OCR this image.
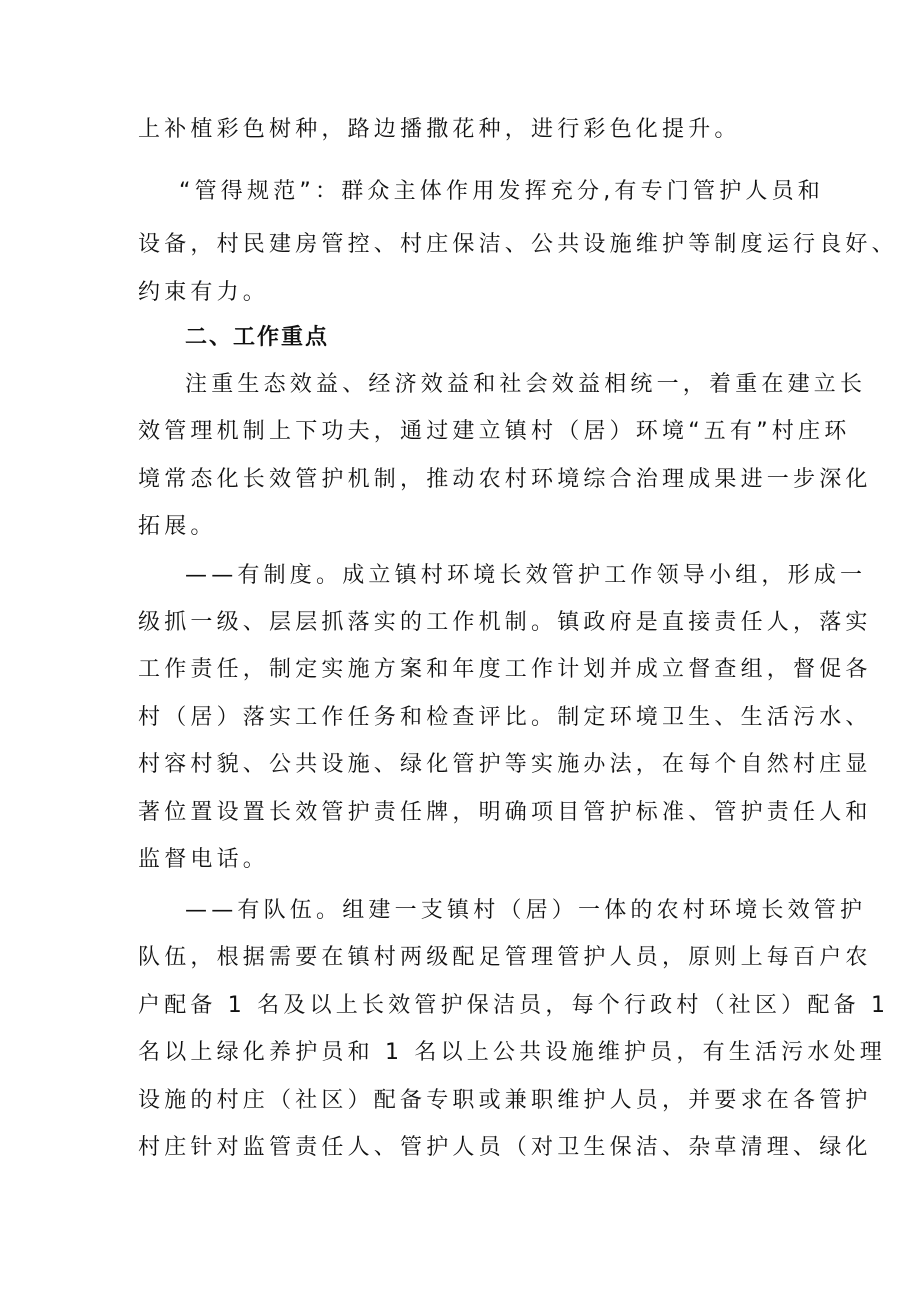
上补植彩色树种，路边播撒花种，进行彩色化提升。
“管得规范”：群众主体作用发挥充分,有专门管护人员和
设备，村民建房管控、村庄保洁、公共设施维护等制度运行良好、
约束有力。
二、工作重点
注重生态效益、经济效益和社会效益相统一，着重在建立长
效管理机制上下功夫，通过建立镇村（居）环境“五有”村庄环
境常态化长效管护机制，推动农村环境综合治理成果进一步深化
拓展。
——有制度。成立镇村环境长效管护工作领导小组，形成一
级抓一级、层层抓落实的工作机制。镇政府是直接责任人，落实
工作责任，制定实施方案和年度工作计划并成立督查组，督促各
村（居）落实工作任务和检查评比。制定环境卫生、生活污水、
村容村貌、公共设施、绿化管护等实施办法，在每个自然村庄显
著位置设置长效管护责任牌，明确项目管护标准、管护责任人和
监督电话。
——有队伍。组建一支镇村（居）一体的农村环境长效管护
队伍，根据需要在镇村两级配足管理管护人员，原则上每百户农
户配备 1 名及以上长效管护保洁员，每个行政村（社区）配备 1
名以上绿化养护员和 1 名以上公共设施维护员，有生活污水处理
设施的村庄（社区）配备专职或兼职维护人员，并要求在各管护
村庄针对监管责任人、管护人员（对卫生保洁、杂草清理、绿化
